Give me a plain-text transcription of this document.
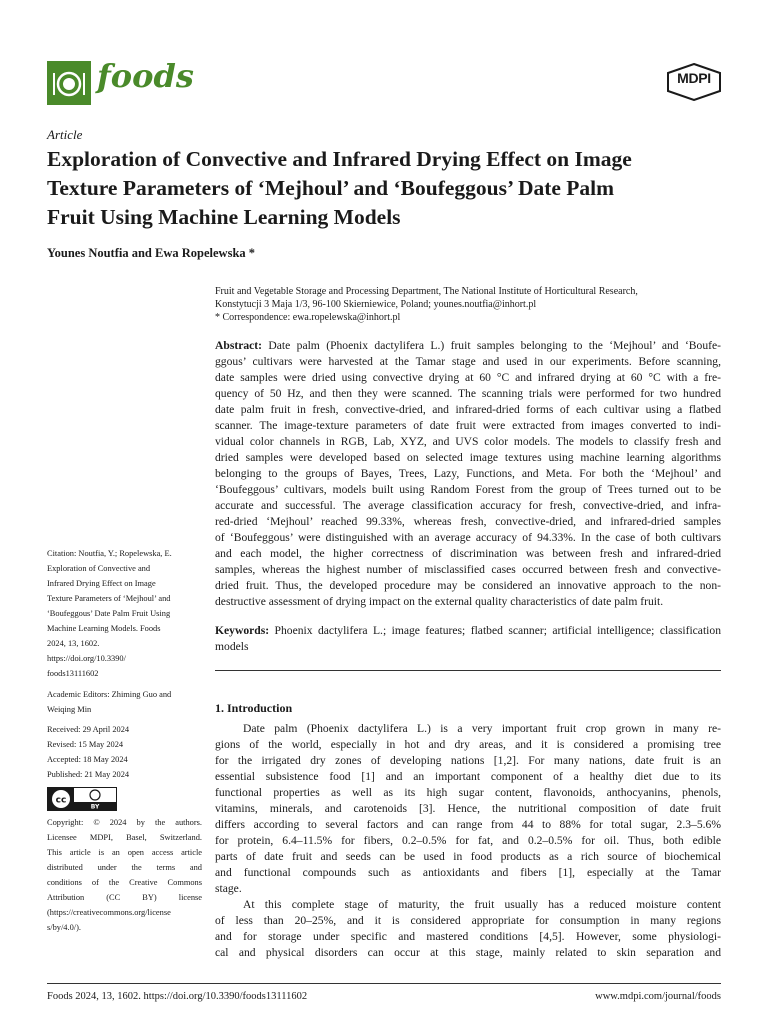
foods	MDPI
Article
Exploration of Convective and Infrared Drying Effect on Image
Texture Parameters of ‘Mejhoul’ and ‘Boufeggous’ Date Palm
Fruit Using Machine Learning Models
Younes Noutfia and Ewa Ropelewska *
Fruit and Vegetable Storage and Processing Department, The National Institute of Horticultural Research,
Konstytucji 3 Maja 1/3, 96-100 Skierniewice, Poland; younes.noutfia@inhort.pl
* Correspondence: ewa.ropelewska@inhort.pl
Abstract: Date palm (Phoenix dactylifera L.) fruit samples belonging to the ‘Mejhoul’ and ‘Boufe-
ggous’ cultivars were harvested at the Tamar stage and used in our experiments. Before scanning,
date samples were dried using convective drying at 60 °C and infrared drying at 60 °C with a fre-
quency of 50 Hz, and then they were scanned. The scanning trials were performed for two hundred
date palm fruit in fresh, convective-dried, and infrared-dried forms of each cultivar using a flatbed
scanner. The image-texture parameters of date fruit were extracted from images converted to indi-
vidual color channels in RGB, Lab, XYZ, and UVS color models. The models to classify fresh and
dried samples were developed based on selected image textures using machine learning algorithms
belonging to the groups of Bayes, Trees, Lazy, Functions, and Meta. For both the ‘Mejhoul’ and
‘Boufeggous’ cultivars, models built using Random Forest from the group of Trees turned out to be
accurate and successful. The average classification accuracy for fresh, convective-dried, and infra-
red-dried ‘Mejhoul’ reached 99.33%, whereas fresh, convective-dried, and infrared-dried samples
of ‘Boufeggous’ were distinguished with an average accuracy of 94.33%. In the case of both cultivars
and each model, the higher correctness of discrimination was between fresh and infrared-dried
samples, whereas the highest number of misclassified cases occurred between fresh and convective-
dried fruit. Thus, the developed procedure may be considered an innovative approach to the non-
destructive assessment of drying impact on the external quality characteristics of date palm fruit.
Keywords: Phoenix dactylifera L.; image features; flatbed scanner; artificial intelligence; classification
models
Citation: Noutfia, Y.; Ropelewska, E.
Exploration of Convective and
Infrared Drying Effect on Image
Texture Parameters of ‘Mejhoul’ and
‘Boufeggous’ Date Palm Fruit Using
Machine Learning Models. Foods
2024, 13, 1602.
https://doi.org/10.3390/
foods13111602
Academic Editors: Zhiming Guo and
Weiqing Min
Received: 29 April 2024
Revised: 15 May 2024
Accepted: 18 May 2024
Published: 21 May 2024
cc
BY
Copyright: © 2024 by the authors.
Licensee MDPI, Basel, Switzerland.
This article is an open access article
distributed under the terms and
conditions of the Creative Commons
Attribution (CC BY) license
(https://creativecommons.org/license
s/by/4.0/).
1. Introduction
Date palm (Phoenix dactylifera L.) is a very important fruit crop grown in many re-
gions of the world, especially in hot and dry areas, and it is considered a promising tree
for the irrigated dry zones of developing nations [1,2]. For many nations, date fruit is an
essential subsistence food [1] and an important component of a healthy diet due to its
functional properties as well as its high sugar content, flavonoids, anthocyanins, phenols,
vitamins, minerals, and carotenoids [3]. Hence, the nutritional composition of date fruit
differs according to several factors and can range from 44 to 88% for total sugar, 2.3–5.6%
for protein, 6.4–11.5% for fibers, 0.2–0.5% for fat, and 0.2–0.5% for oil. Thus, both edible
parts of date fruit and seeds can be used in food products as a rich source of biochemical
and functional compounds such as antioxidants and fibers [1], especially at the Tamar
stage.
At this complete stage of maturity, the fruit usually has a reduced moisture content
of less than 20–25%, and it is considered appropriate for consumption in many regions
and for storage under specific and mastered conditions [4,5]. However, some physiologi-
cal and physical disorders can occur at this stage, mainly related to skin separation and
Foods 2024, 13, 1602. https://doi.org/10.3390/foods13111602	www.mdpi.com/journal/foods
